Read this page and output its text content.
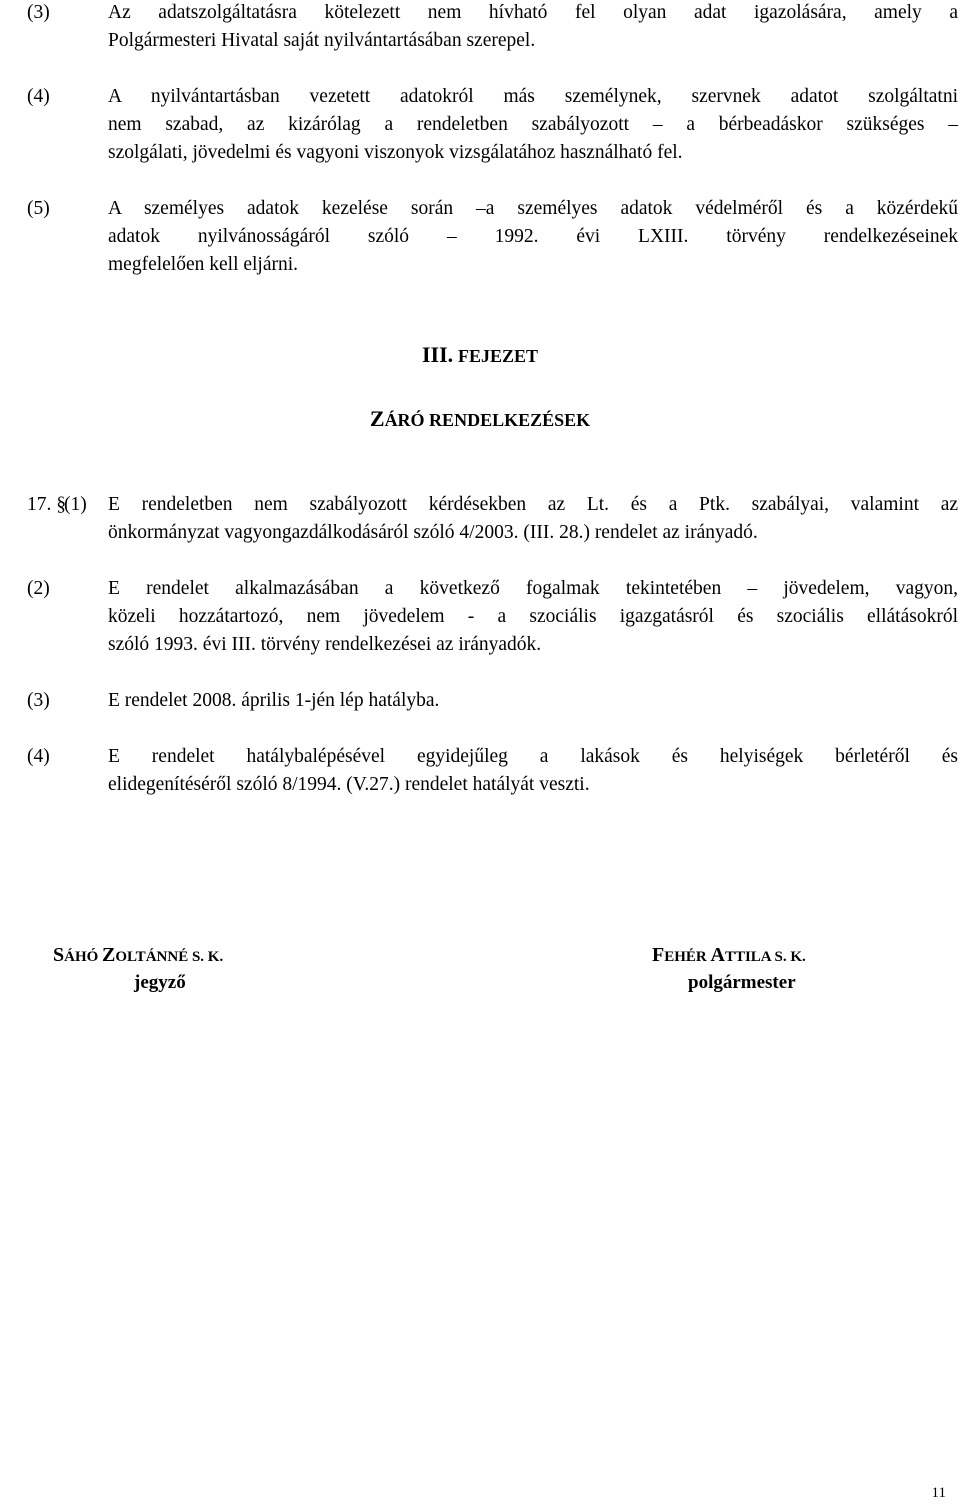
(3)	Az adatszolgáltatásra kötelezett nem hívható fel olyan adat igazolására, amely a
Polgármesteri Hivatal saját nyilvántartásában szerepel.
(4)	A nyilvántartásban vezetett adatokról más személynek, szervnek adatot szolgáltatni
nem szabad, az kizárólag a rendeletben szabályozott – a bérbeadáskor szükséges –
szolgálati, jövedelmi és vagyoni viszonyok vizsgálatához használható fel.
(5)	A személyes adatok kezelése során –a személyes adatok védelméről és a közérdekű
adatok nyilvánosságáról szóló – 1992. évi LXIII. törvény rendelkezéseinek
megfelelően kell eljárni.
III. FEJEZET
ZÁRÓ RENDELKEZÉSEK
17. §
(1) E rendeletben nem szabályozott kérdésekben az Lt. és a Ptk. szabályai, valamint az
önkormányzat vagyongazdálkodásáról szóló 4/2003. (III. 28.) rendelet az irányadó.
(2)	E rendelet alkalmazásában a következő fogalmak tekintetében – jövedelem, vagyon,
közeli hozzátartozó, nem jövedelem - a szociális igazgatásról és szociális ellátásokról
szóló 1993. évi III. törvény rendelkezései az irányadók.
(3)	E rendelet 2008. április 1-jén lép hatályba.
(4)	E rendelet hatálybalépésével egyidejűleg a lakások és helyiségek bérletéről és
elidegenítéséről szóló 8/1994. (V.27.) rendelet hatályát veszti.
SÁHÓ ZOLTÁNNÉ S. K.
jegyző
FEHÉR ATTILA S. K.
polgármester
11
